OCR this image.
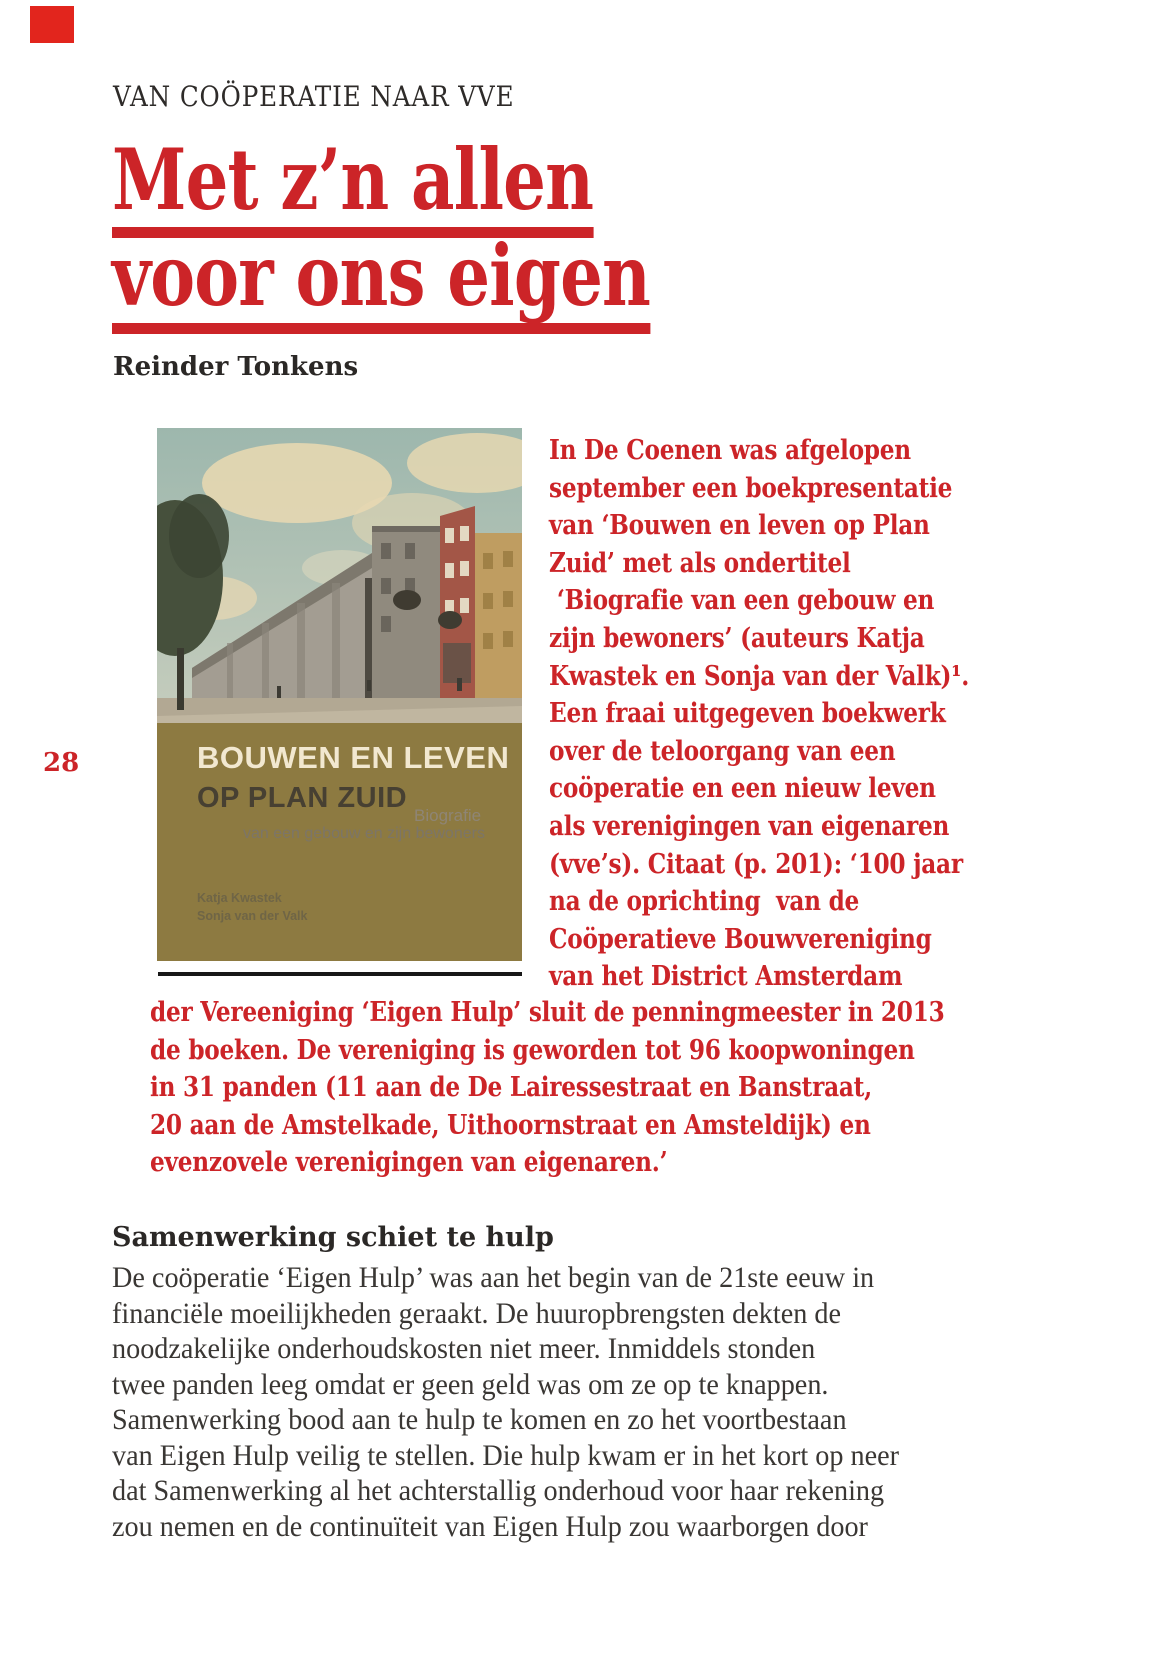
VAN COÖPERATIE NAAR VVE
Met z’n allen
voor ons eigen
Reinder Tonkens
28	BOUWEN EN LEVEN
OP PLAN ZUID
Biografie
van een gebouw en zijn bewoners
Katja Kwastek
Sonja van der Valk
In De Coenen was afgelopen
september een boekpresentatie
van ‘Bouwen en leven op Plan
Zuid’ met als ondertitel
‘Biografie van een gebouw en
zijn bewoners’ (auteurs Katja
Kwastek en Sonja van der Valk)¹.
Een fraai uitgegeven boekwerk
over de teloorgang van een
coöperatie en een nieuw leven
als verenigingen van eigenaren
(vve’s). Citaat (p. 201): ‘100 jaar
na de oprichting  van de
Coöperatieve Bouwvereniging
van het District Amsterdam
der Vereeniging ‘Eigen Hulp’ sluit de penningmeester in 2013
de boeken. De vereniging is geworden tot 96 koopwoningen
in 31 panden (11 aan de De Lairessestraat en Banstraat,
20 aan de Amstelkade, Uithoornstraat en Amsteldijk) en
evenzovele verenigingen van eigenaren.’
Samenwerking schiet te hulp
De coöperatie ‘Eigen Hulp’ was aan het begin van de 21ste eeuw in
financiële moeilijkheden geraakt. De huuropbrengsten dekten de
noodzakelijke onderhoudskosten niet meer. Inmiddels stonden
twee panden leeg omdat er geen geld was om ze op te knappen.
Samenwerking bood aan te hulp te komen en zo het voortbestaan
van Eigen Hulp veilig te stellen. Die hulp kwam er in het kort op neer
dat Samenwerking al het achterstallig onderhoud voor haar rekening
zou nemen en de continuïteit van Eigen Hulp zou waarborgen door
